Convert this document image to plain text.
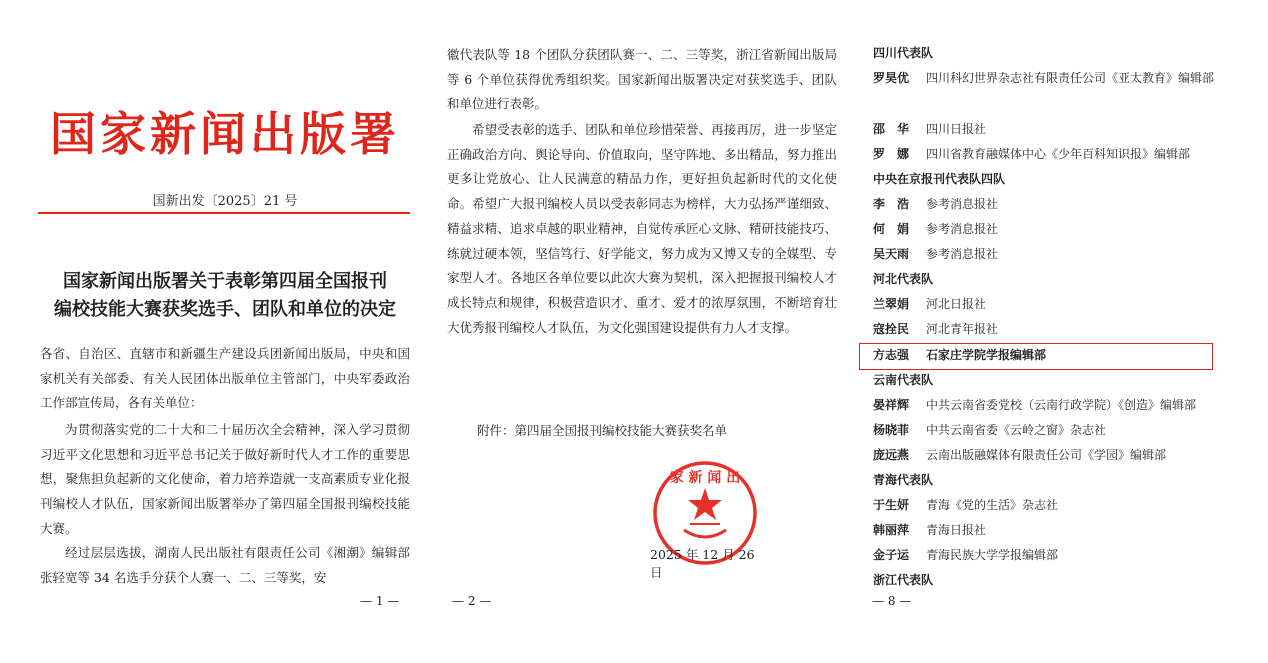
国家新闻出版署
国新出发〔2025〕21 号
国家新闻出版署关于表彰第四届全国报刊
编校技能大赛获奖选手、团队和单位的决定
各省、自治区、直辖市和新疆生产建设兵团新闻出版局，中央和国家机关有关部委、有关人民团体出版单位主管部门，中央军委政治工作部宣传局，各有关单位：
为贯彻落实党的二十大和二十届历次全会精神，深入学习贯彻习近平文化思想和习近平总书记关于做好新时代人才工作的重要思想，聚焦担负起新的文化使命，着力培养造就一支高素质专业化报刊编校人才队伍，国家新闻出版署举办了第四届全国报刊编校技能大赛。
经过层层选拔，湖南人民出版社有限责任公司《湘潮》编辑部张轻宽等 34 名选手分获个人赛一、二、三等奖，安
— 1 —
徽代表队等 18 个团队分获团队赛一、二、三等奖，浙江省新闻出版局等 6 个单位获得优秀组织奖。国家新闻出版署决定对获奖选手、团队和单位进行表彰。
希望受表彰的选手、团队和单位珍惜荣誉、再接再厉，进一步坚定正确政治方向、舆论导向、价值取向，坚守阵地、多出精品，努力推出更多让党放心、让人民满意的精品力作，更好担负起新时代的文化使命。希望广大报刊编校人员以受表彰同志为榜样，大力弘扬严谨细致、精益求精、追求卓越的职业精神，自觉传承匠心文脉、精研技能技巧、练就过硬本领，坚信笃行、好学能文，努力成为又博又专的全媒型、专家型人才。各地区各单位要以此次大赛为契机，深入把握报刊编校人才成长特点和规律，积极营造识才、重才、爱才的浓厚氛围，不断培育壮大优秀报刊编校人才队伍，为文化强国建设提供有力人才支撑。
附件：第四届全国报刊编校技能大赛获奖名单
家 新 闻 出
2025 年 12 月 26 日
— 2 —
四川代表队
罗昊优 四川科幻世界杂志社有限责任公司《亚太教育》编辑部
邵　华 四川日报社
罗　娜 四川省教育融媒体中心《少年百科知识报》编辑部
中央在京报刊代表队四队
李　浩 参考消息报社
何　娟 参考消息报社
吴天雨 参考消息报社
河北代表队
兰翠娟 河北日报社
寇拴民 河北青年报社
方志强 石家庄学院学报编辑部
云南代表队
晏祥辉 中共云南省委党校（云南行政学院）《创造》编辑部
杨晓菲 中共云南省委《云岭之窗》杂志社
庞远燕 云南出版融媒体有限责任公司《学园》编辑部
青海代表队
于生妍 青海《党的生活》杂志社
韩丽萍 青海日报社
金子运 青海民族大学学报编辑部
浙江代表队
— 8 —
